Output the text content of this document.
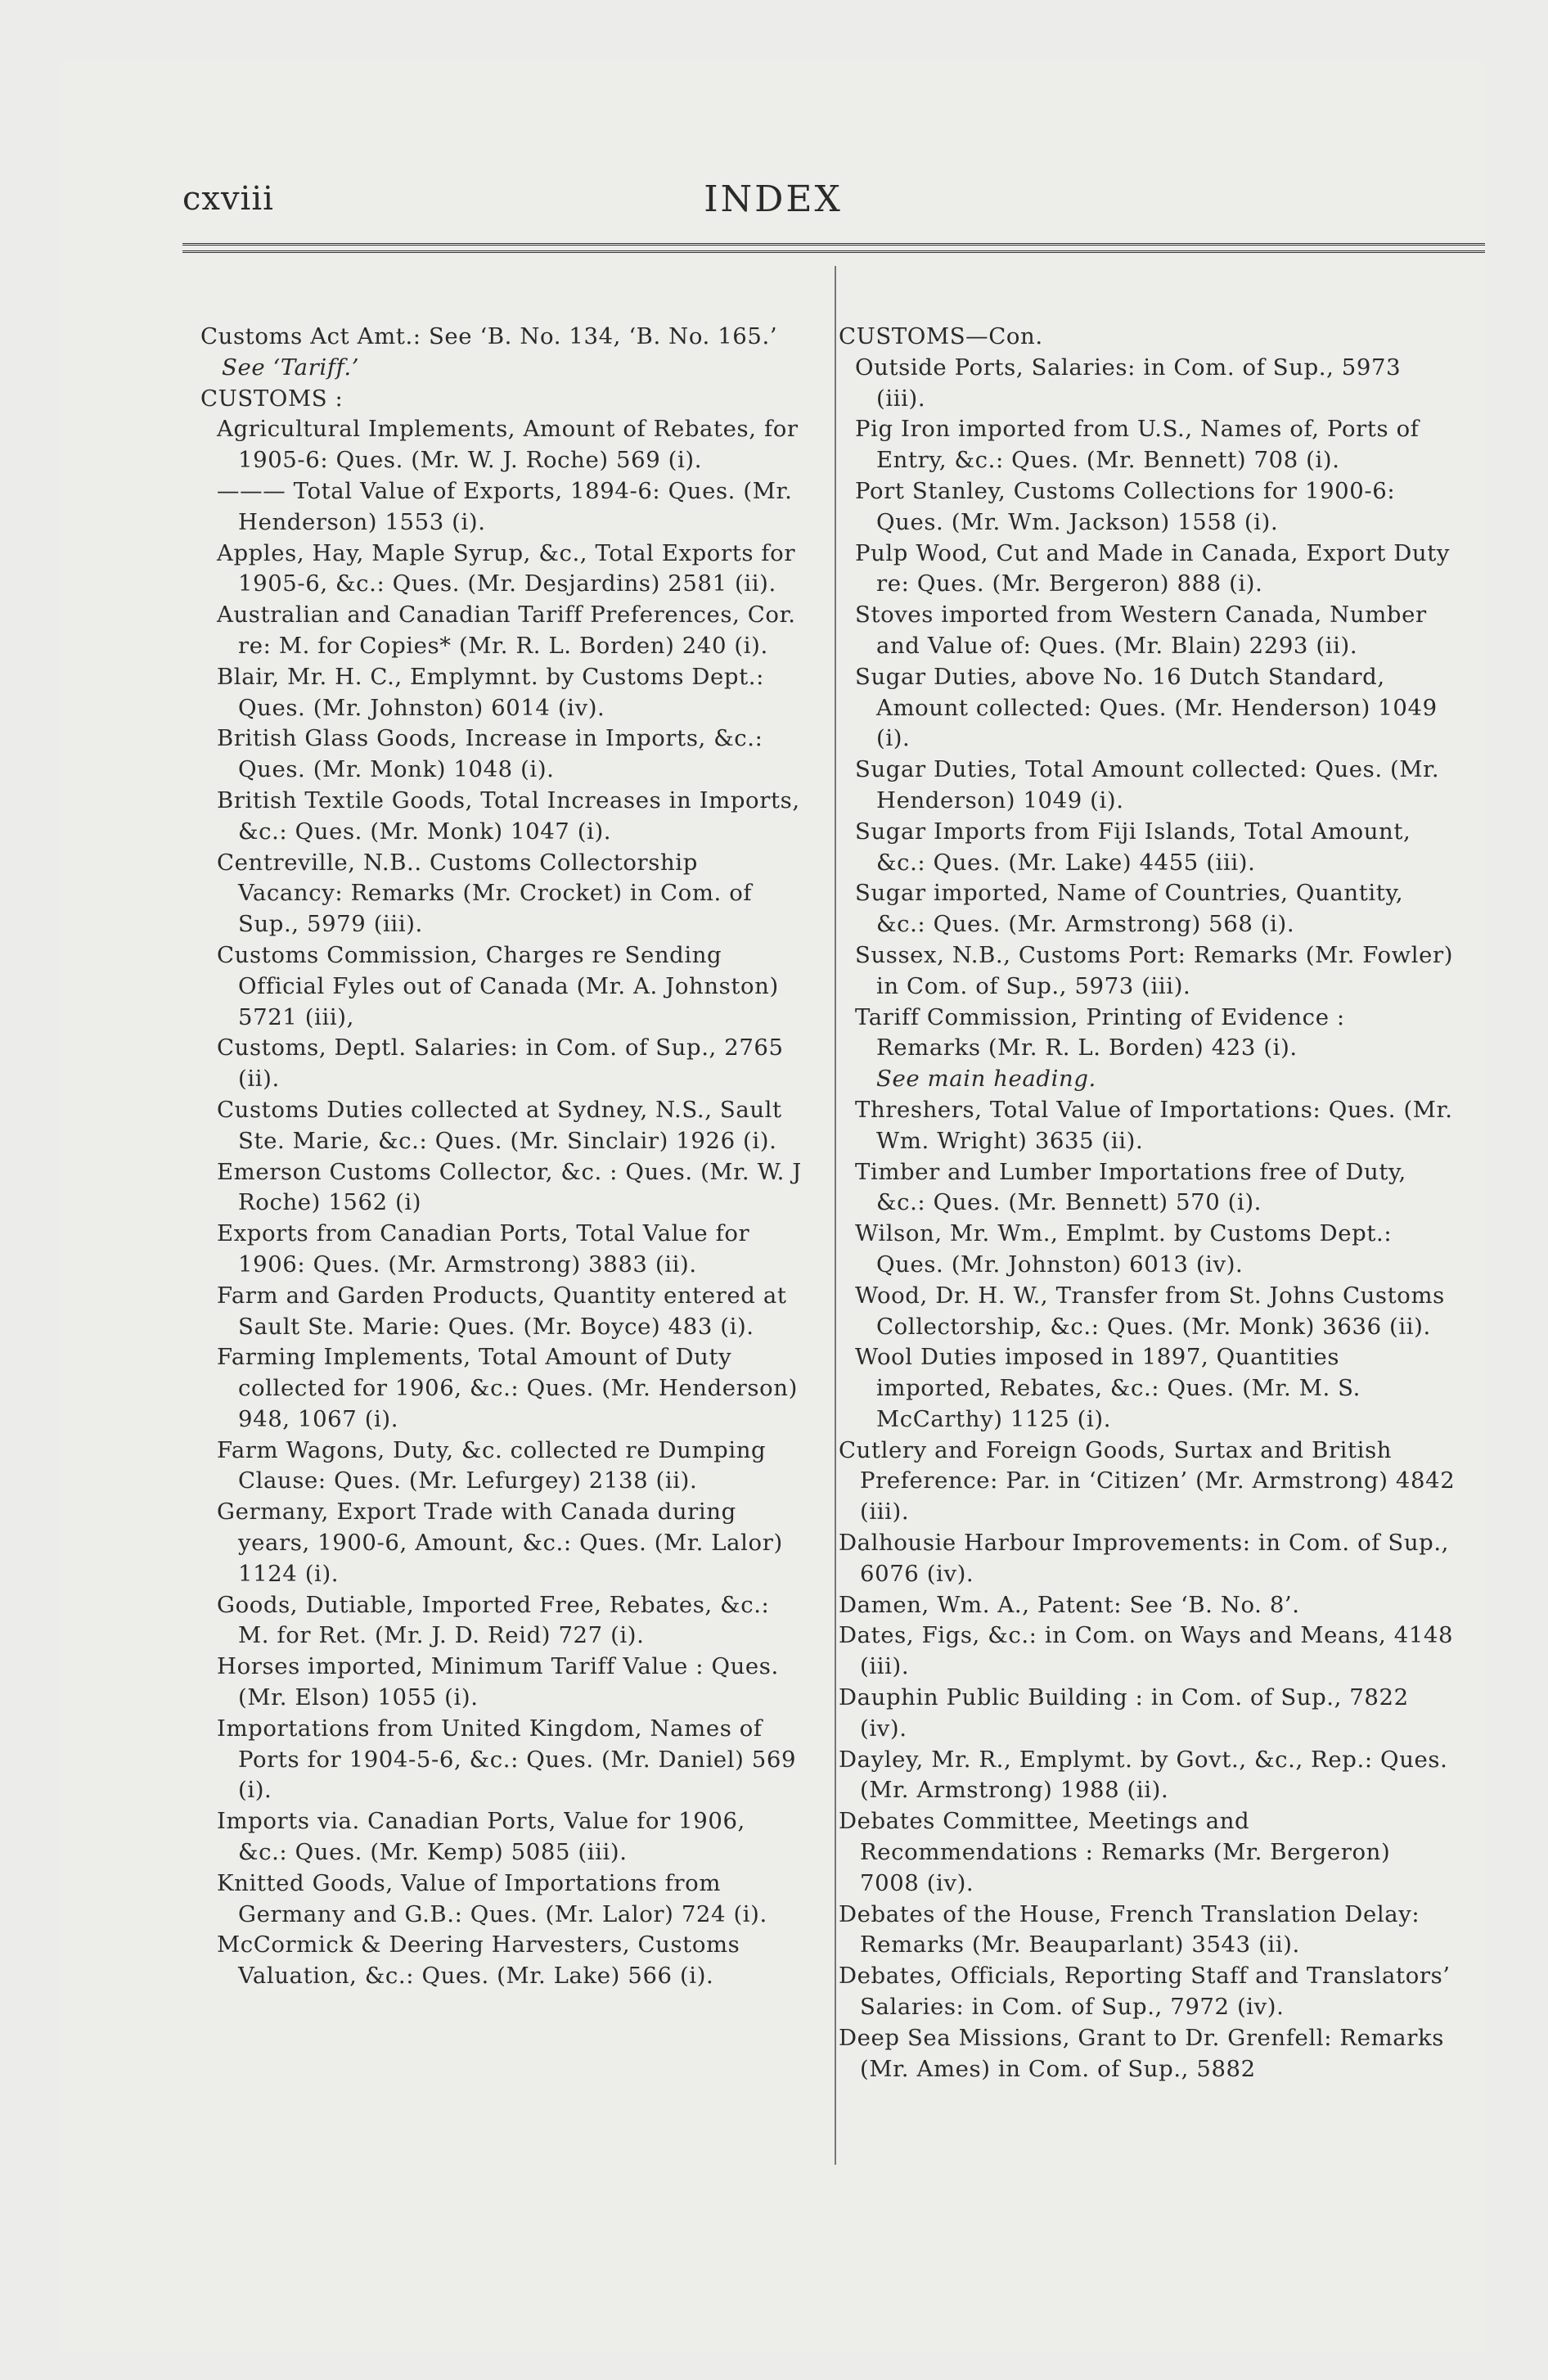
cxviii	INDEX

Customs Act Amt.: See ‘B. No. 134, ‘B. No. 165.’

See ‘Tariff.’

CUSTOMS :

Agricultural Implements, Amount of Rebates, for 1905-6: Ques. (Mr. W. J. Roche) 569 (i).

——— Total Value of Exports, 1894-6: Ques. (Mr. Henderson) 1553 (i).

Apples, Hay, Maple Syrup, &c., Total Exports for 1905-6, &c.: Ques. (Mr. Desjardins) 2581 (ii).

Australian and Canadian Tariff Preferences, Cor. re: M. for Copies* (Mr. R. L. Borden) 240 (i).

Blair, Mr. H. C., Emplymnt. by Customs Dept.: Ques. (Mr. Johnston) 6014 (iv).

British Glass Goods, Increase in Imports, &c.: Ques. (Mr. Monk) 1048 (i).

British Textile Goods, Total Increases in Imports, &c.: Ques. (Mr. Monk) 1047 (i).

Centreville, N.B.. Customs Collectorship Vacancy: Remarks (Mr. Crocket) in Com. of Sup., 5979 (iii).

Customs Commission, Charges re Sending Official Fyles out of Canada (Mr. A. Johnston) 5721 (iii),

Customs, Deptl. Salaries: in Com. of Sup., 2765 (ii).

Customs Duties collected at Sydney, N.S., Sault Ste. Marie, &c.: Ques. (Mr. Sinclair) 1926 (i).

Emerson Customs Collector, &c. : Ques. (Mr. W. J Roche) 1562 (i)

Exports from Canadian Ports, Total Value for 1906: Ques. (Mr. Armstrong) 3883 (ii).

Farm and Garden Products, Quantity entered at Sault Ste. Marie: Ques. (Mr. Boyce) 483 (i).

Farming Implements, Total Amount of Duty collected for 1906, &c.: Ques. (Mr. Henderson) 948, 1067 (i).

Farm Wagons, Duty, &c. collected re Dumping Clause: Ques. (Mr. Lefurgey) 2138 (ii).

Germany, Export Trade with Canada during years, 1900-6, Amount, &c.: Ques. (Mr. Lalor) 1124 (i).

Goods, Dutiable, Imported Free, Rebates, &c.: M. for Ret. (Mr. J. D. Reid) 727 (i).

Horses imported, Minimum Tariff Value : Ques. (Mr. Elson) 1055 (i).

Importations from United Kingdom, Names of Ports for 1904-5-6, &c.: Ques. (Mr. Daniel) 569 (i).

Imports via. Canadian Ports, Value for 1906, &c.: Ques. (Mr. Kemp) 5085 (iii).

Knitted Goods, Value of Importations from Germany and G.B.: Ques. (Mr. Lalor) 724 (i).

McCormick & Deering Harvesters, Customs Valuation, &c.: Ques. (Mr. Lake) 566 (i).

CUSTOMS—Con.

Outside Ports, Salaries: in Com. of Sup., 5973 (iii).

Pig Iron imported from U.S., Names of, Ports of Entry, &c.: Ques. (Mr. Bennett) 708 (i).

Port Stanley, Customs Collections for 1900-6: Ques. (Mr. Wm. Jackson) 1558 (i).

Pulp Wood, Cut and Made in Canada, Export Duty re: Ques. (Mr. Bergeron) 888 (i).

Stoves imported from Western Canada, Number and Value of: Ques. (Mr. Blain) 2293 (ii).

Sugar Duties, above No. 16 Dutch Standard, Amount collected: Ques. (Mr. Henderson) 1049 (i).

Sugar Duties, Total Amount collected: Ques. (Mr. Henderson) 1049 (i).

Sugar Imports from Fiji Islands, Total Amount, &c.: Ques. (Mr. Lake) 4455 (iii).

Sugar imported, Name of Countries, Quantity, &c.: Ques. (Mr. Armstrong) 568 (i).

Sussex, N.B., Customs Port: Remarks (Mr. Fowler) in Com. of Sup., 5973 (iii).

Tariff Commission, Printing of Evidence : Remarks (Mr. R. L. Borden) 423 (i).

See main heading.

Threshers, Total Value of Importations: Ques. (Mr. Wm. Wright) 3635 (ii).

Timber and Lumber Importations free of Duty, &c.: Ques. (Mr. Bennett) 570 (i).

Wilson, Mr. Wm., Emplmt. by Customs Dept.: Ques. (Mr. Johnston) 6013 (iv).

Wood, Dr. H. W., Transfer from St. Johns Customs Collectorship, &c.: Ques. (Mr. Monk) 3636 (ii).

Wool Duties imposed in 1897, Quantities imported, Rebates, &c.: Ques. (Mr. M. S. McCarthy) 1125 (i).

Cutlery and Foreign Goods, Surtax and British Preference: Par. in ‘Citizen’ (Mr. Armstrong) 4842 (iii).

Dalhousie Harbour Improvements: in Com. of Sup., 6076 (iv).

Damen, Wm. A., Patent: See ‘B. No. 8’.

Dates, Figs, &c.: in Com. on Ways and Means, 4148 (iii).

Dauphin Public Building : in Com. of Sup., 7822 (iv).

Dayley, Mr. R., Emplymt. by Govt., &c., Rep.: Ques. (Mr. Armstrong) 1988 (ii).

Debates Committee, Meetings and Recommendations : Remarks (Mr. Bergeron) 7008 (iv).

Debates of the House, French Translation Delay: Remarks (Mr. Beauparlant) 3543 (ii).

Debates, Officials, Reporting Staff and Translators’ Salaries: in Com. of Sup., 7972 (iv).

Deep Sea Missions, Grant to Dr. Grenfell: Remarks (Mr. Ames) in Com. of Sup., 5882
